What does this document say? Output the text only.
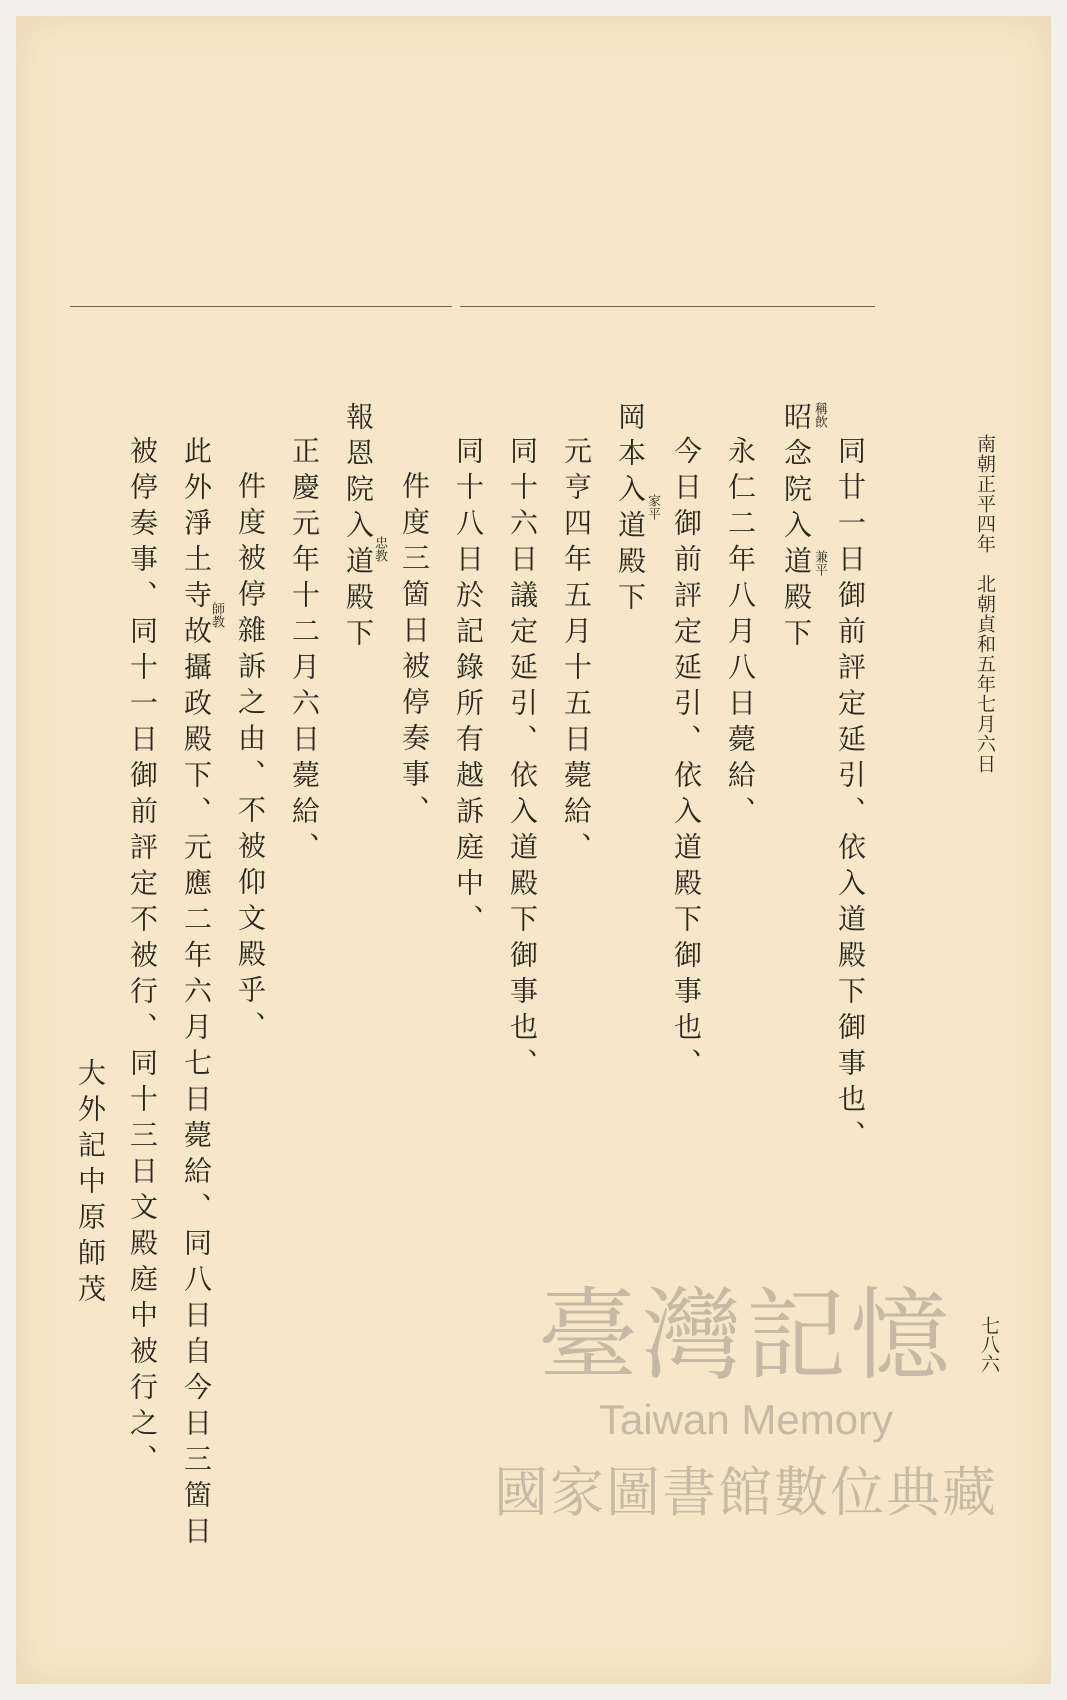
南朝正平四年　北朝貞和五年七月六日
同廿一日御前評定延引、依入道殿下御事也、
昭念院入道殿下
永仁二年八月八日薨給、
今日御前評定延引、依入道殿下御事也、
岡本入道殿下
元亨四年五月十五日薨給、
同十六日議定延引、依入道殿下御事也、
同十八日於記錄所有越訴庭中、
件度三箇日被停奏事、
報恩院入道殿下
正慶元年十二月六日薨給、
件度被停雜訴之由、不被仰文殿乎、
此外淨土寺故攝政殿下、元應二年六月七日薨給、同八日自今日三箇日
被停奏事、同十一日御前評定不被行、同十三日文殿庭中被行之、
大外記中原師茂
稱飲
兼平
家平
忠教
師教
七八六
臺灣記憶
Taiwan Memory
國家圖書館數位典藏
